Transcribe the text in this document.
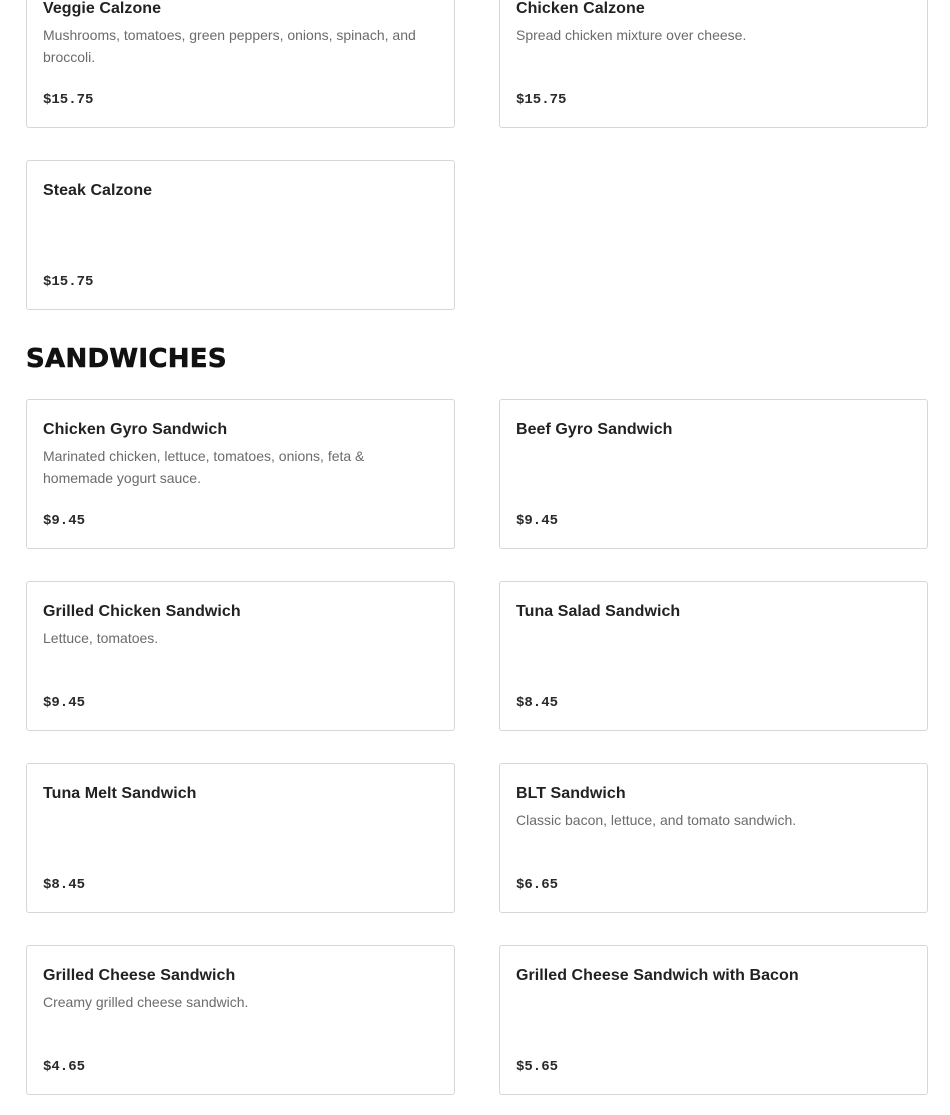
Veggie Calzone
Mushrooms, tomatoes, green peppers, onions, spinach, and broccoli.
$15.75
Chicken Calzone
Spread chicken mixture over cheese.
$15.75
Steak Calzone
$15.75
SANDWICHES
Chicken Gyro Sandwich
Marinated chicken, lettuce, tomatoes, onions, feta & homemade yogurt sauce.
$9.45
Beef Gyro Sandwich
$9.45
Grilled Chicken Sandwich
Lettuce, tomatoes.
$9.45
Tuna Salad Sandwich
$8.45
Tuna Melt Sandwich
$8.45
BLT Sandwich
Classic bacon, lettuce, and tomato sandwich.
$6.65
Grilled Cheese Sandwich
Creamy grilled cheese sandwich.
$4.65
Grilled Cheese Sandwich with Bacon
$5.65
